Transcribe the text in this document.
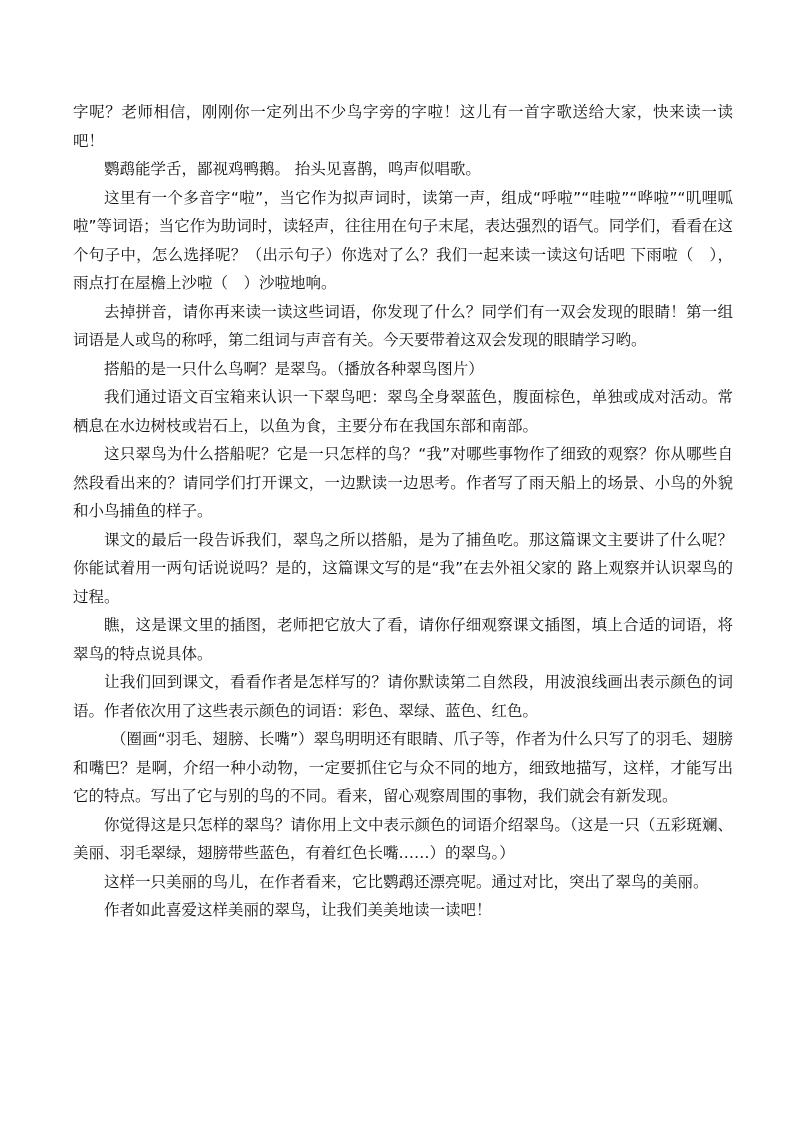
字呢？老师相信，刚刚你一定列出不少鸟字旁的字啦！这儿有一首字歌送给大家，快来读一读吧！

鹦鹉能学舌，鄙视鸡鸭鹅。 抬头见喜鹊，鸣声似唱歌。

这里有一个多音字“啦”，当它作为拟声词时，读第一声，组成“呼啦”“哇啦”“哗啦”“叽哩呱啦”等词语；当它作为助词时，读轻声，往往用在句子末尾，表达强烈的语气。同学们，看看在这个句子中，怎么选择呢？（出示句子）你选对了么？我们一起来读一读这句话吧 下雨啦（　），雨点打在屋檐上沙啦（　）沙啦地响。

去掉拼音，请你再来读一读这些词语，你发现了什么？同学们有一双会发现的眼睛！第一组词语是人或鸟的称呼，第二组词与声音有关。今天要带着这双会发现的眼睛学习哟。

搭船的是一只什么鸟啊？是翠鸟。（播放各种翠鸟图片）

我们通过语文百宝箱来认识一下翠鸟吧：翠鸟全身翠蓝色，腹面棕色，单独或成对活动。常栖息在水边树枝或岩石上，以鱼为食，主要分布在我国东部和南部。

这只翠鸟为什么搭船呢？它是一只怎样的鸟？“我”对哪些事物作了细致的观察？你从哪些自然段看出来的？请同学们打开课文，一边默读一边思考。作者写了雨天船上的场景、小鸟的外貌和小鸟捕鱼的样子。

课文的最后一段告诉我们，翠鸟之所以搭船，是为了捕鱼吃。那这篇课文主要讲了什么呢？你能试着用一两句话说说吗？是的，这篇课文写的是“我”在去外祖父家的 路上观察并认识翠鸟的过程。

瞧，这是课文里的插图，老师把它放大了看，请你仔细观察课文插图，填上合适的词语，将翠鸟的特点说具体。

让我们回到课文，看看作者是怎样写的？请你默读第二自然段，用波浪线画出表示颜色的词语。作者依次用了这些表示颜色的词语：彩色、翠绿、蓝色、红色。

（圈画“羽毛、翅膀、长嘴”）翠鸟明明还有眼睛、爪子等，作者为什么只写了的羽毛、翅膀和嘴巴？是啊，介绍一种小动物，一定要抓住它与众不同的地方，细致地描写，这样，才能写出它的特点。写出了它与别的鸟的不同。看来，留心观察周围的事物，我们就会有新发现。

你觉得这是只怎样的翠鸟？请你用上文中表示颜色的词语介绍翠鸟。（这是一只（五彩斑斓、美丽、羽毛翠绿，翅膀带些蓝色，有着红色长嘴……）的翠鸟。）

这样一只美丽的鸟儿，在作者看来，它比鹦鹉还漂亮呢。通过对比，突出了翠鸟的美丽。

作者如此喜爱这样美丽的翠鸟，让我们美美地读一读吧！
